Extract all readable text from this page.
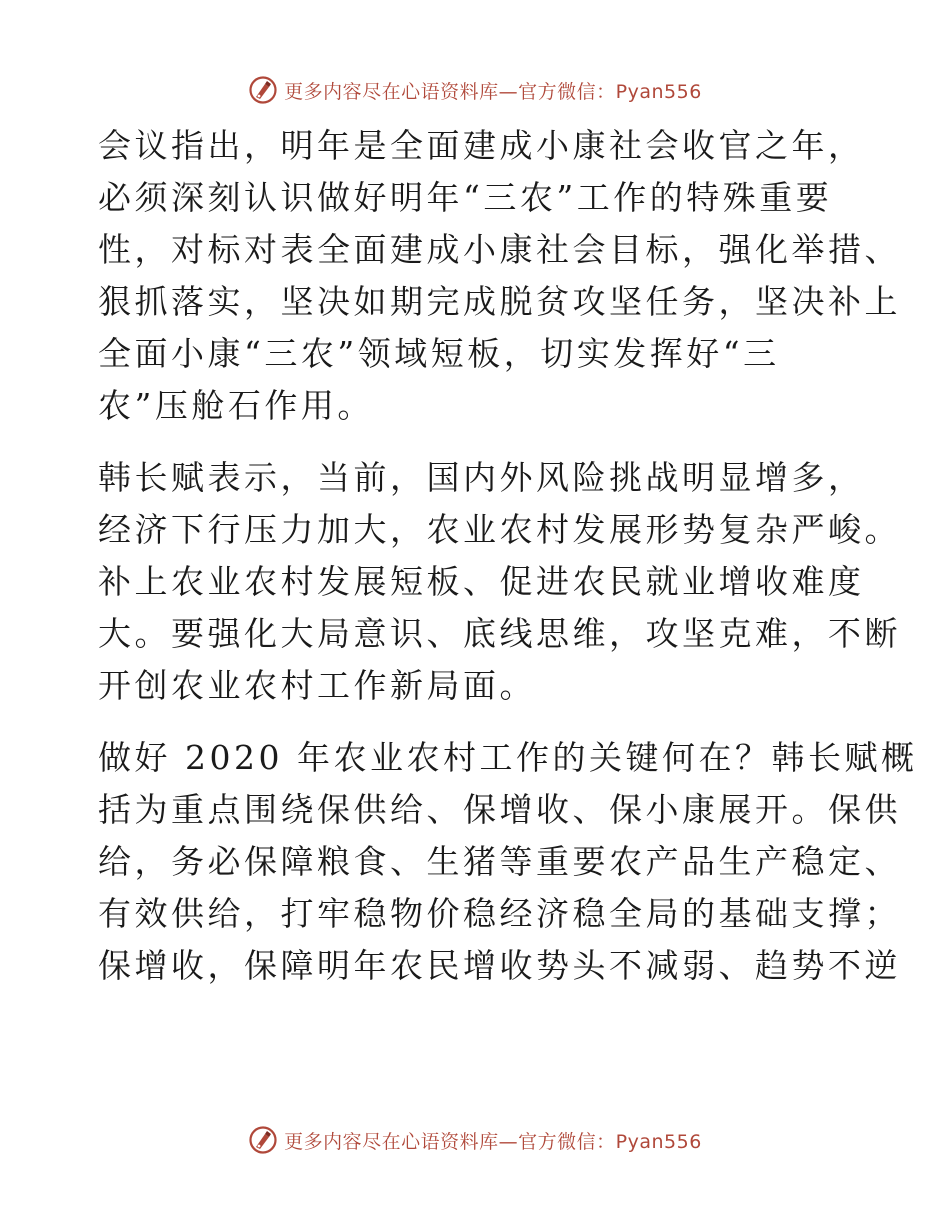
更多内容尽在心语资料库—官方微信：Pyan556

会议指出，明年是全面建成小康社会收官之年，
必须深刻认识做好明年“三农”工作的特殊重要
性，对标对表全面建成小康社会目标，强化举措、
狠抓落实，坚决如期完成脱贫攻坚任务，坚决补上
全面小康“三农”领域短板，切实发挥好“三
农”压舱石作用。

韩长赋表示，当前，国内外风险挑战明显增多，
经济下行压力加大，农业农村发展形势复杂严峻。
补上农业农村发展短板、促进农民就业增收难度
大。要强化大局意识、底线思维，攻坚克难，不断
开创农业农村工作新局面。

做好 2020 年农业农村工作的关键何在？韩长赋概
括为重点围绕保供给、保增收、保小康展开。保供
给，务必保障粮食、生猪等重要农产品生产稳定、
有效供给，打牢稳物价稳经济稳全局的基础支撑；
保增收，保障明年农民增收势头不减弱、趋势不逆

更多内容尽在心语资料库—官方微信：Pyan556
